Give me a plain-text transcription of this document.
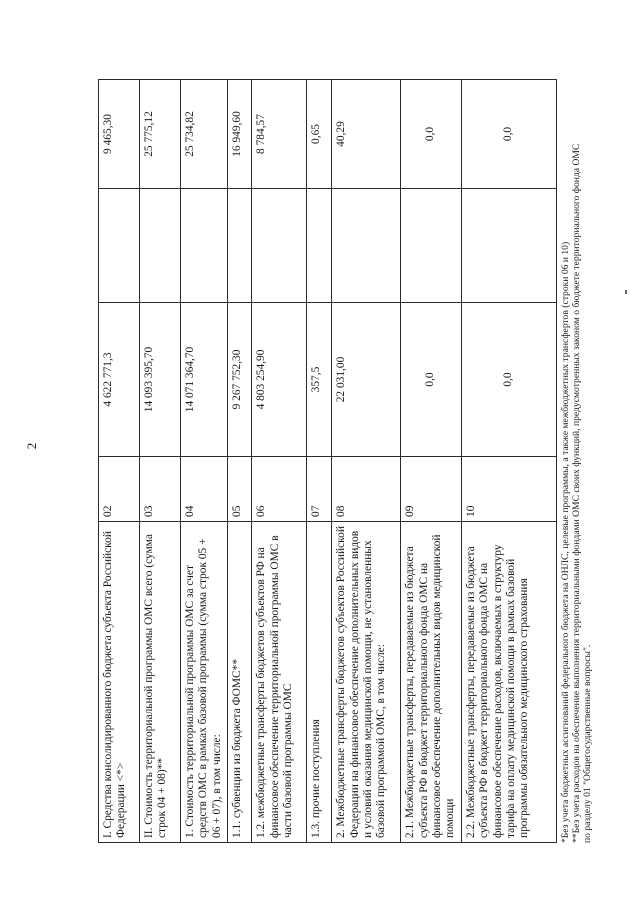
2
I. Средства консолидированного бюджета субъекта Российской Федерации <*>	02	4 622 771,3		9 465,30
II. Стоимость территориальной программы ОМС всего (сумма строк 04 + 08)**	03	14 093 395,70		25 775,12
1. Стоимость территориальной программы ОМС за счет средств ОМС в рамках базовой программы (сумма строк 05 + 06 + 07), в том числе:	04	14 071 364,70		25 734,82
1.1. субвенции из бюджета ФОМС**	05	9 267 752,30		16 949,60
1.2. межбюджетные трансферты бюджетов субъектов РФ на финансовое обеспечение территориальной программы ОМС в части базовой программы ОМС	06	4 803 254,90		8 784,57
1.3. прочие поступления	07	357,5		0,65
2. Межбюджетные трансферты бюджетов субъектов Российской Федерации на финансовое обеспечение дополнительных видов и условий оказания медицинской помощи, не установленных базовой программой ОМС, в том числе:	08	22 031,00		40,29
2.1. Межбюджетные трансферты, передаваемые из бюджета субъекта РФ в бюджет территориального фонда ОМС на финансовое обеспечение дополнительных видов медицинской помощи	09	0,0		0,0
2.2. Межбюджетные трансферты, передаваемые из бюджета субъекта РФ в бюджет территориального фонда ОМС на финансовое обеспечение расходов, включаемых в структуру тарифа на оплату медицинской помощи в рамках базовой программы обязательного медицинского страхования	10	0,0		0,0
*Без учета бюджетных ассигнований федерального бюджета на ОНЛС, целевые программы, а также межбюджетных трансфертов (строки 06 и 10) **Без учета расходов на обеспечение выполнения территориальными фондами ОМС своих функций, предусмотренных законом о бюджете территориального фонда ОМС по разделу 01 "Общегосударственные вопросы".
